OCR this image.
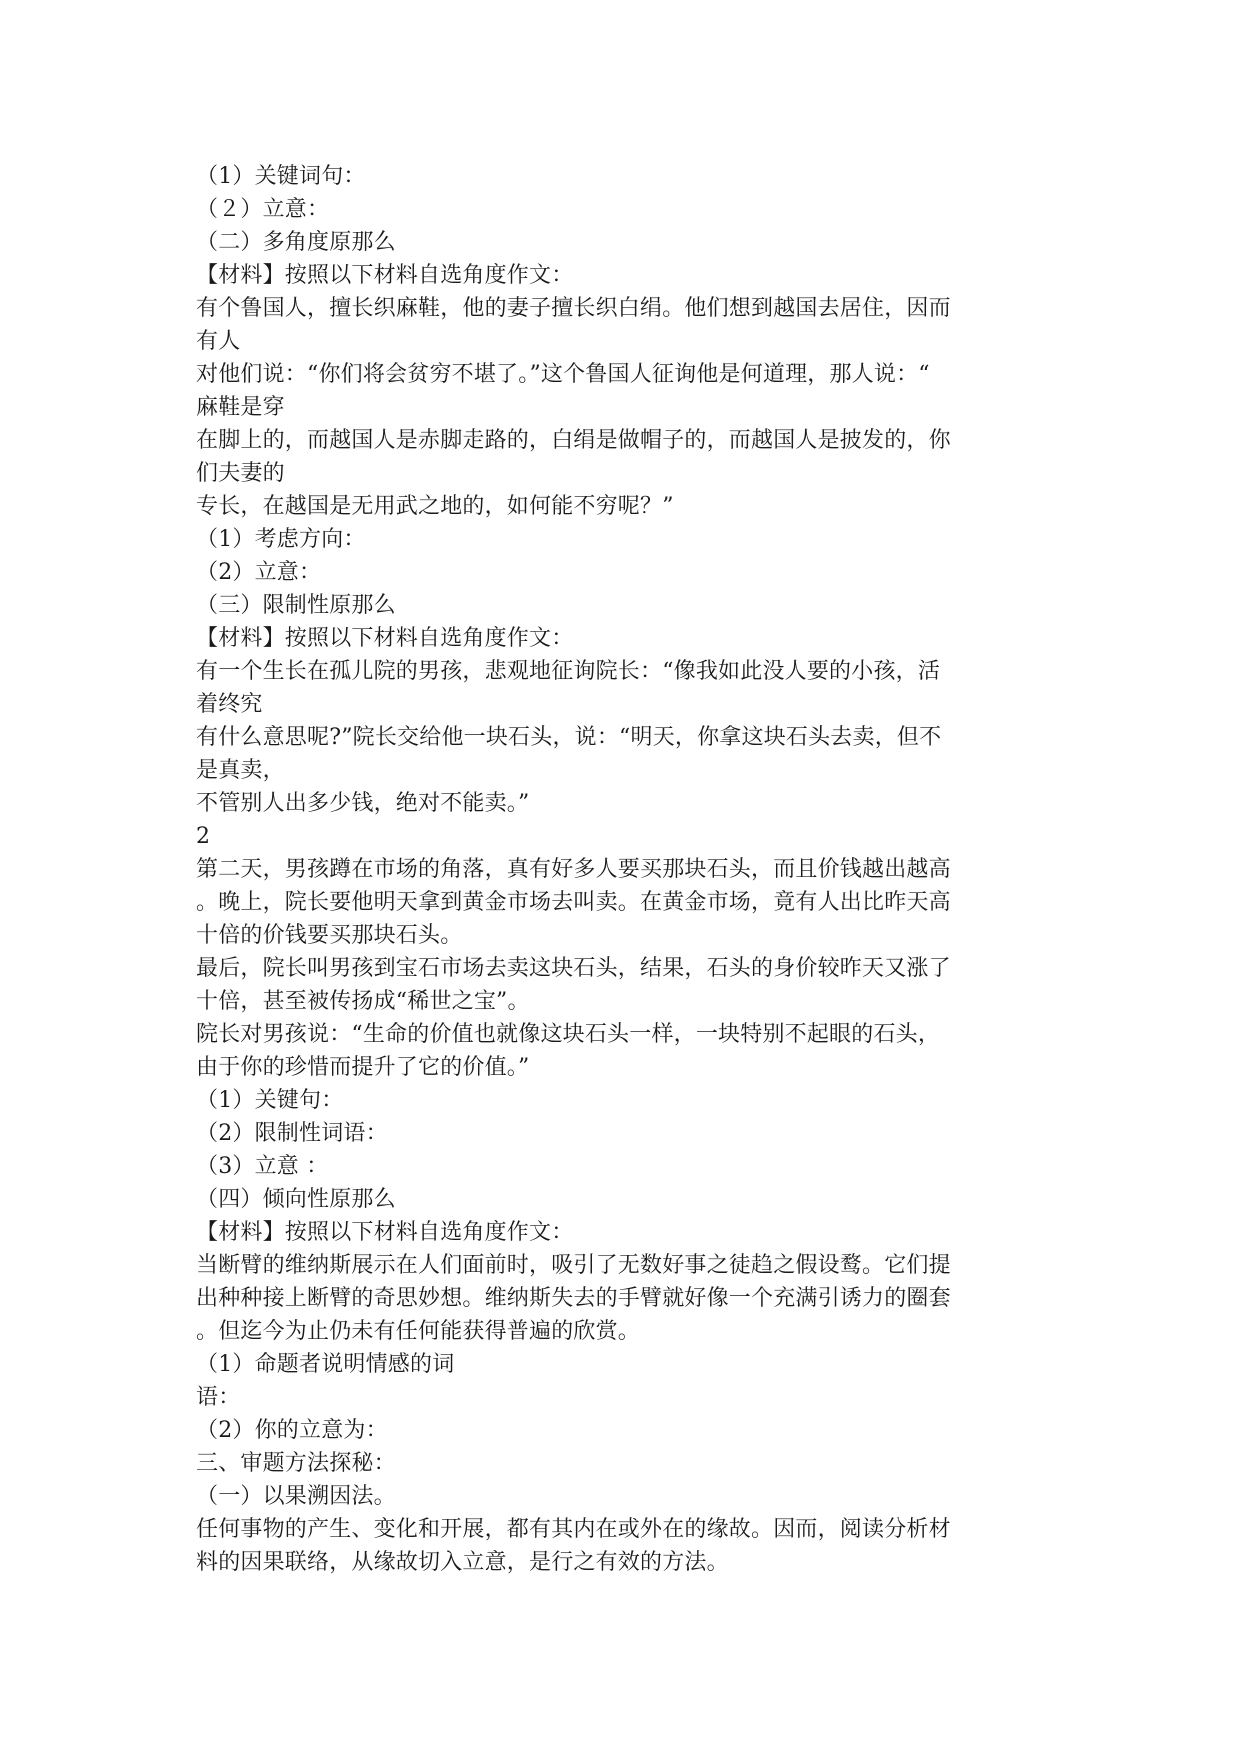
（1）关键词句：
（２）立意：
（二）多角度原那么
【材料】按照以下材料自选角度作文：
有个鲁国人，擅长织麻鞋，他的妻子擅长织白绢。他们想到越国去居住，因而
有人
对他们说：“你们将会贫穷不堪了。”这个鲁国人征询他是何道理，那人说：“
麻鞋是穿
在脚上的，而越国人是赤脚走路的，白绢是做帽子的，而越国人是披发的，你
们夫妻的
专长，在越国是无用武之地的，如何能不穷呢？”
（1）考虑方向：
（2）立意：
（三）限制性原那么
【材料】按照以下材料自选角度作文：
有一个生长在孤儿院的男孩，悲观地征询院长：“像我如此没人要的小孩，活
着终究
有什么意思呢?”院长交给他一块石头，说：“明天，你拿这块石头去卖，但不
是真卖，
不管别人出多少钱，绝对不能卖。”
2
第二天，男孩蹲在市场的角落，真有好多人要买那块石头，而且价钱越出越高
。晚上，院长要他明天拿到黄金市场去叫卖。在黄金市场，竟有人出比昨天高
十倍的价钱要买那块石头。
最后，院长叫男孩到宝石市场去卖这块石头，结果，石头的身价较昨天又涨了
十倍，甚至被传扬成“稀世之宝”。
院长对男孩说：“生命的价值也就像这块石头一样，一块特别不起眼的石头，
由于你的珍惜而提升了它的价值。”
（1）关键句：
（2）限制性词语：
（3）立意 ：
（四）倾向性原那么
【材料】按照以下材料自选角度作文：
当断臂的维纳斯展示在人们面前时，吸引了无数好事之徒趋之假设鹜。它们提
出种种接上断臂的奇思妙想。维纳斯失去的手臂就好像一个充满引诱力的圈套
。但迄今为止仍未有任何能获得普遍的欣赏。
（1）命题者说明情感的词
语：
（2）你的立意为：
三、审题方法探秘：
（一）以果溯因法。
任何事物的产生、变化和开展，都有其内在或外在的缘故。因而，阅读分析材
料的因果联络，从缘故切入立意，是行之有效的方法。
